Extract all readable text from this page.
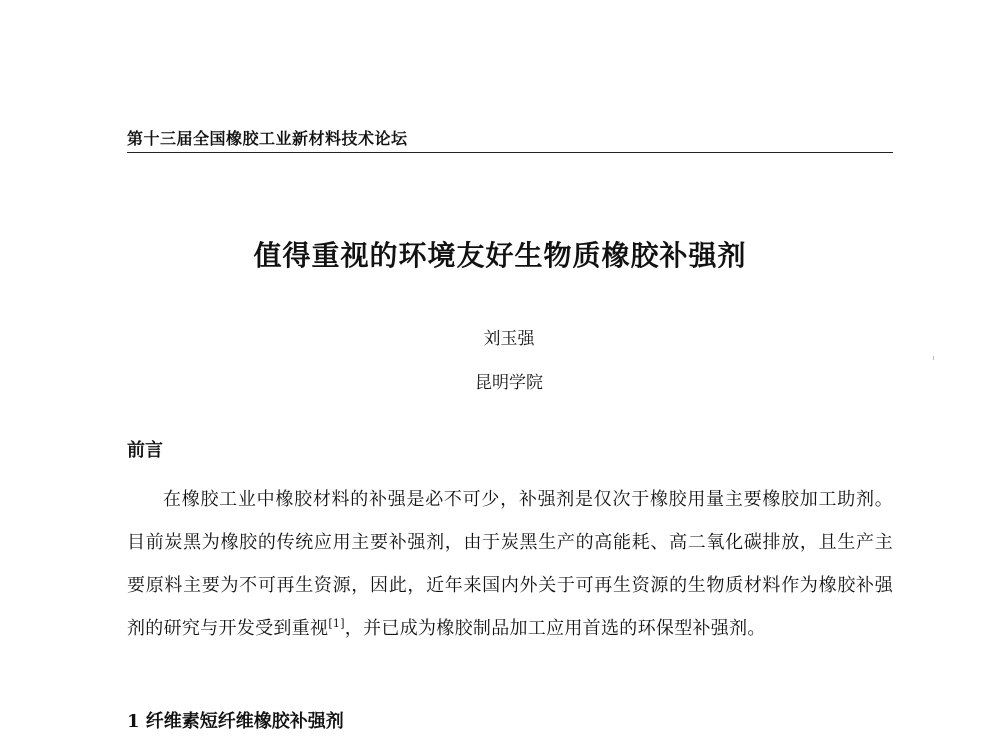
第十三届全国橡胶工业新材料技术论坛
值得重视的环境友好生物质橡胶补强剂
刘玉强
昆明学院
前言
在橡胶工业中橡胶材料的补强是必不可少，补强剂是仅次于橡胶用量主要橡胶加工助剂。目前炭黑为橡胶的传统应用主要补强剂，由于炭黑生产的高能耗、高二氧化碳排放，且生产主要原料主要为不可再生资源，因此，近年来国内外关于可再生资源的生物质材料作为橡胶补强剂的研究与开发受到重视[1]，并已成为橡胶制品加工应用首选的环保型补强剂。
1 纤维素短纤维橡胶补强剂
